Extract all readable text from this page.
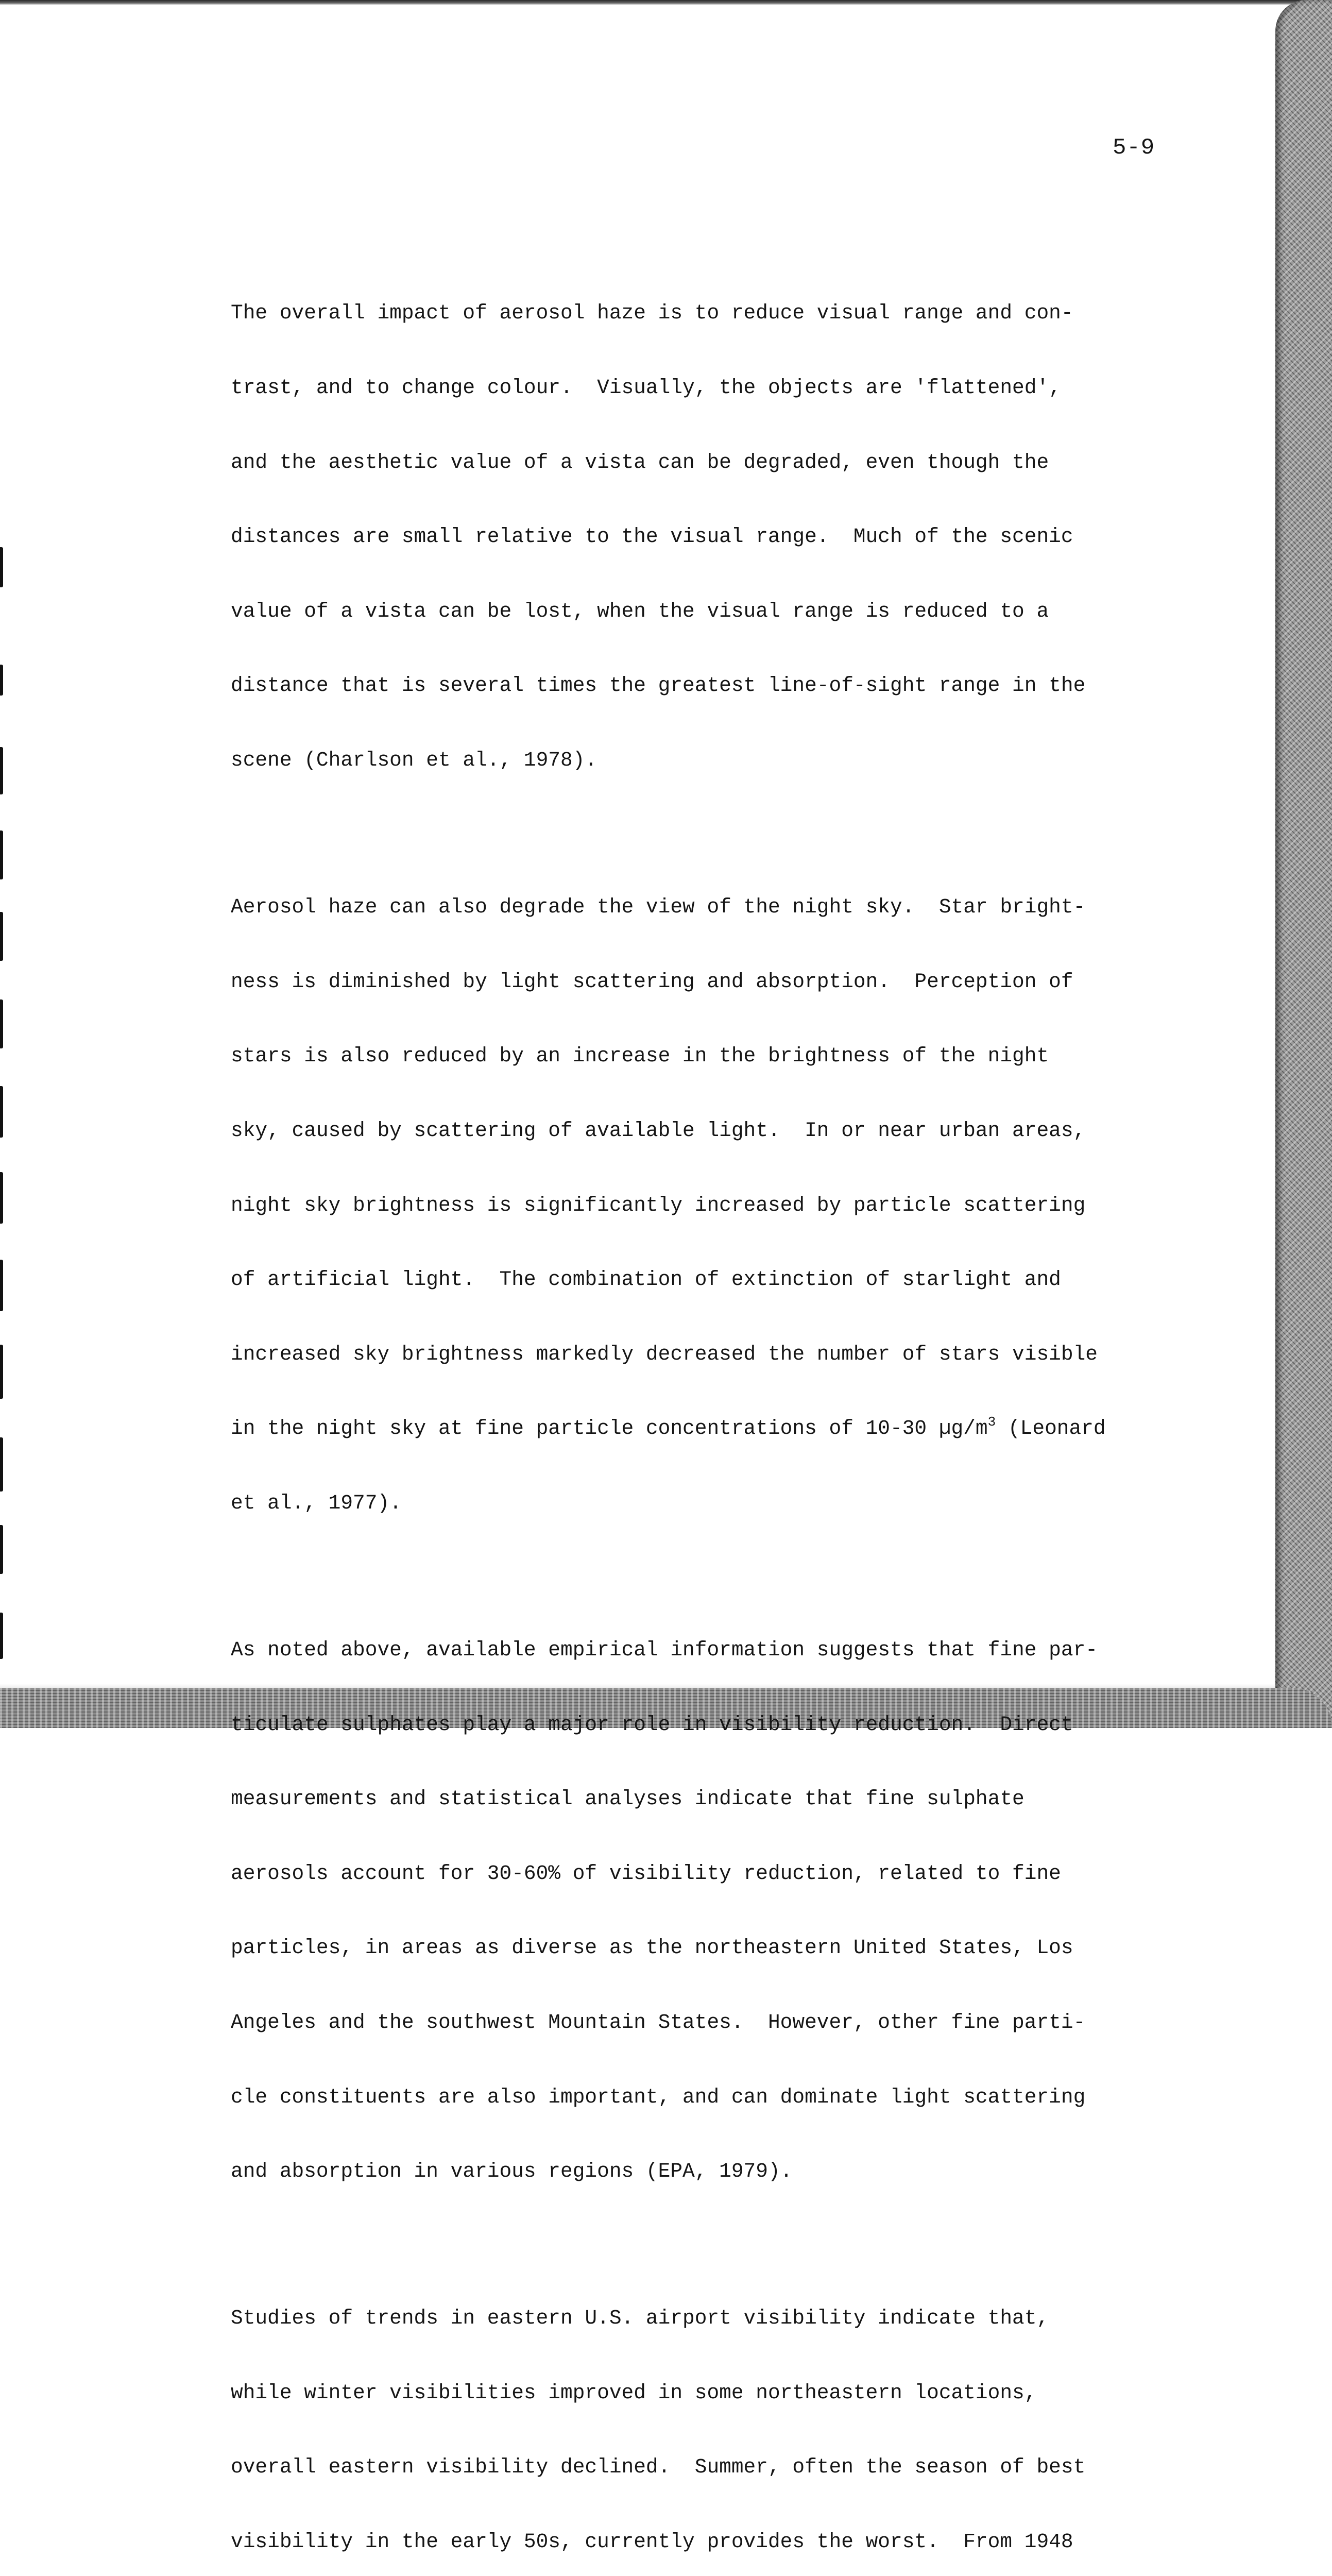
5-9

The overall impact of aerosol haze is to reduce visual range and con-

trast, and to change colour.  Visually, the objects are 'flattened',

and the aesthetic value of a vista can be degraded, even though the

distances are small relative to the visual range.  Much of the scenic

value of a vista can be lost, when the visual range is reduced to a

distance that is several times the greatest line-of-sight range in the

scene (Charlson et al., 1978).

Aerosol haze can also degrade the view of the night sky.  Star bright-

ness is diminished by light scattering and absorption.  Perception of

stars is also reduced by an increase in the brightness of the night

sky, caused by scattering of available light.  In or near urban areas,

night sky brightness is significantly increased by particle scattering

of artificial light.  The combination of extinction of starlight and

increased sky brightness markedly decreased the number of stars visible

in the night sky at fine particle concentrations of 10-30 $\mu g/m^3$ (Leonard

et al., 1977).

As noted above, available empirical information suggests that fine par-

ticulate sulphates play a major role in visibility reduction.  Direct

measurements and statistical analyses indicate that fine sulphate

aerosols account for 30-60% of visibility reduction, related to fine

particles, in areas as diverse as the northeastern United States, Los

Angeles and the southwest Mountain States.  However, other fine parti-

cle constituents are also important, and can dominate light scattering

and absorption in various regions (EPA, 1979).

Studies of trends in eastern U.S. airport visibility indicate that,

while winter visibilities improved in some northeastern locations,

overall eastern visibility declined.  Summer, often the season of best

visibility in the early 50s, currently provides the worst.  From 1948
